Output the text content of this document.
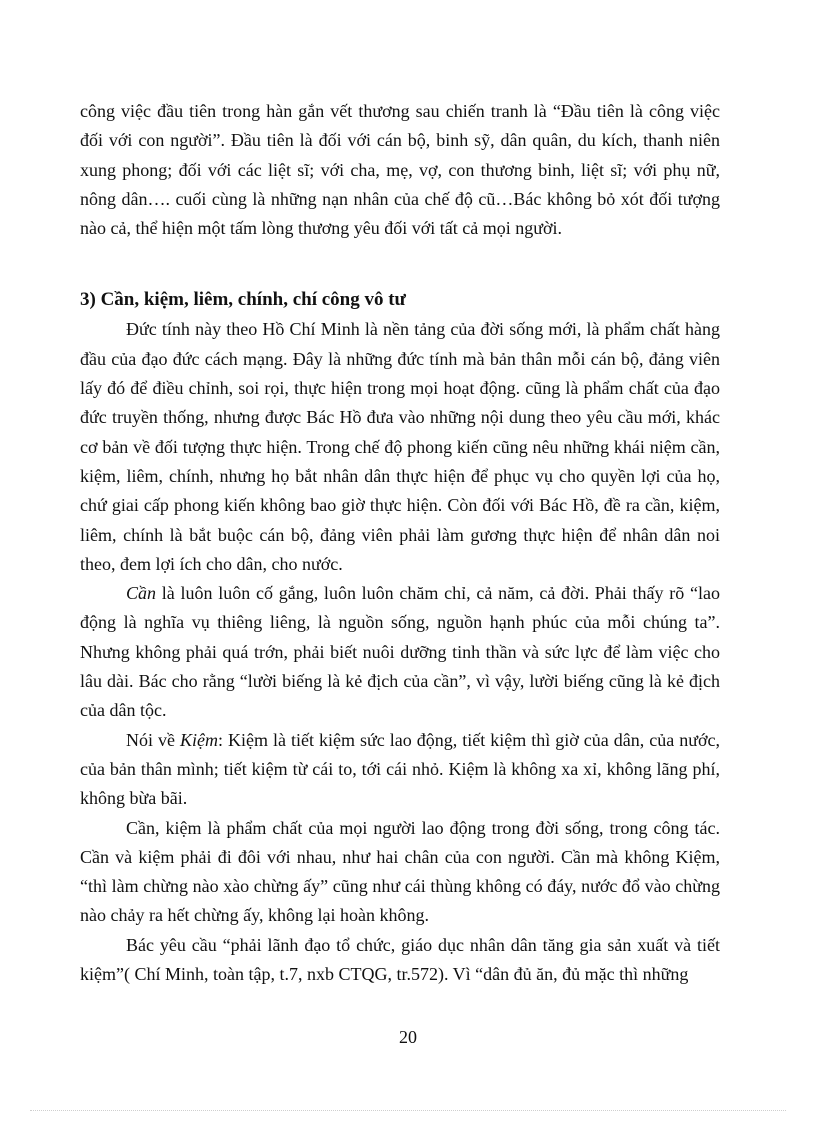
công việc đầu tiên trong hàn gắn vết thương sau chiến tranh là “Đầu tiên là công việc đối với con người”. Đầu tiên là đối với cán bộ, binh sỹ, dân quân, du kích, thanh niên xung phong; đối với các liệt sĩ; với cha, mẹ, vợ, con thương binh, liệt sĩ; với phụ nữ, nông dân…. cuối cùng là những nạn nhân của chế độ cũ…Bác không bỏ xót đối tượng nào cả, thể hiện một tấm lòng thương yêu đối với tất cả mọi người.

3) Cần, kiệm, liêm, chính, chí công vô tư

Đức tính này theo Hồ Chí Minh là nền tảng của đời sống mới, là phẩm chất hàng đầu của đạo đức cách mạng. Đây là những đức tính mà bản thân mỗi cán bộ, đảng viên lấy đó để điều chỉnh, soi rọi, thực hiện trong mọi hoạt động. cũng là phẩm chất của đạo đức truyền thống, nhưng được Bác Hồ đưa vào những nội dung theo yêu cầu mới, khác cơ bản về đối tượng thực hiện. Trong chế độ phong kiến cũng nêu những khái niệm cần, kiệm, liêm, chính, nhưng họ bắt nhân dân thực hiện để phục vụ cho quyền lợi của họ, chứ giai cấp phong kiến không bao giờ thực hiện. Còn đối với Bác Hồ, đề ra cần, kiệm, liêm, chính là bắt buộc cán bộ, đảng viên phải làm gương thực hiện để nhân dân noi theo, đem lợi ích cho dân, cho nước.

Cần là luôn luôn cố gắng, luôn luôn chăm chỉ, cả năm, cả đời. Phải thấy rõ “lao động là nghĩa vụ thiêng liêng, là nguồn sống, nguồn hạnh phúc của mỗi chúng ta”. Nhưng không phải quá trớn, phải biết nuôi dưỡng tinh thần và sức lực để làm việc cho lâu dài. Bác cho rằng “lười biếng là kẻ địch của cần”, vì vậy, lười biếng cũng là kẻ địch của dân tộc.

Nói về Kiệm: Kiệm là tiết kiệm sức lao động, tiết kiệm thì giờ của dân, của nước, của bản thân mình; tiết kiệm từ cái to, tới cái nhỏ. Kiệm là không xa xỉ, không lãng phí, không bừa bãi.

Cần, kiệm là phẩm chất của mọi người lao động trong đời sống, trong công tác. Cần và kiệm phải đi đôi với nhau, như hai chân của con người. Cần mà không Kiệm, “thì làm chừng nào xào chừng ấy” cũng như cái thùng không có đáy, nước đổ vào chừng nào chảy ra hết chừng ấy, không lại hoàn không.

Bác yêu cầu “phải lãnh đạo tổ chức, giáo dục nhân dân tăng gia sản xuất và tiết kiệm”( Chí Minh, toàn tập, t.7, nxb CTQG, tr.572). Vì “dân đủ ăn, đủ mặc thì những

20
